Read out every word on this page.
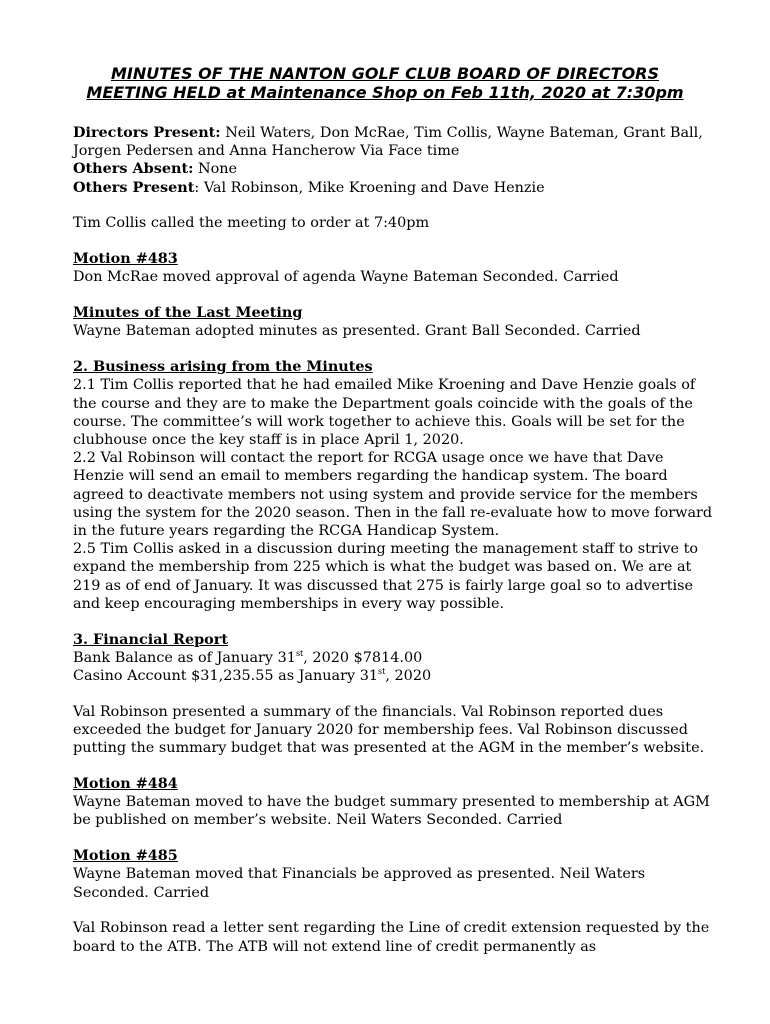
MINUTES OF THE NANTON GOLF CLUB BOARD OF DIRECTORS
MEETING HELD at Maintenance Shop on Feb 11th, 2020 at 7:30pm

Directors Present: Neil Waters, Don McRae, Tim Collis, Wayne Bateman, Grant Ball, Jorgen Pedersen and Anna Hancherow Via Face time

Others Absent: None

Others Present: Val Robinson, Mike Kroening and Dave Henzie

Tim Collis called the meeting to order at 7:40pm

Motion #483

Don McRae moved approval of agenda Wayne Bateman Seconded. Carried

Minutes of the Last Meeting

Wayne Bateman adopted minutes as presented. Grant Ball Seconded. Carried

2. Business arising from the Minutes

2.1 Tim Collis reported that he had emailed Mike Kroening and Dave Henzie goals of the course and they are to make the Department goals coincide with the goals of the course. The committee’s will work together to achieve this. Goals will be set for the clubhouse once the key staff is in place April 1, 2020.

2.2 Val Robinson will contact the report for RCGA usage once we have that Dave Henzie will send an email to members regarding the handicap system. The board agreed to deactivate members not using system and provide service for the members using the system for the 2020 season. Then in the fall re-evaluate how to move forward in the future years regarding the RCGA Handicap System.

2.5 Tim Collis asked in a discussion during meeting the management staff to strive to expand the membership from 225 which is what the budget was based on. We are at 219 as of end of January. It was discussed that 275 is fairly large goal so to advertise and keep encouraging memberships in every way possible.

3. Financial Report

Bank Balance as of January 31st, 2020 $7814.00

Casino Account $31,235.55 as January 31st, 2020

Val Robinson presented a summary of the financials. Val Robinson reported dues exceeded the budget for January 2020 for membership fees. Val Robinson discussed putting the summary budget that was presented at the AGM in the member’s website.

Motion #484

Wayne Bateman moved to have the budget summary presented to membership at AGM be published on member’s website. Neil Waters Seconded. Carried

Motion #485

Wayne Bateman moved that Financials be approved as presented. Neil Waters Seconded. Carried

Val Robinson read a letter sent regarding the Line of credit extension requested by the board to the ATB. The ATB will not extend line of credit permanently as
